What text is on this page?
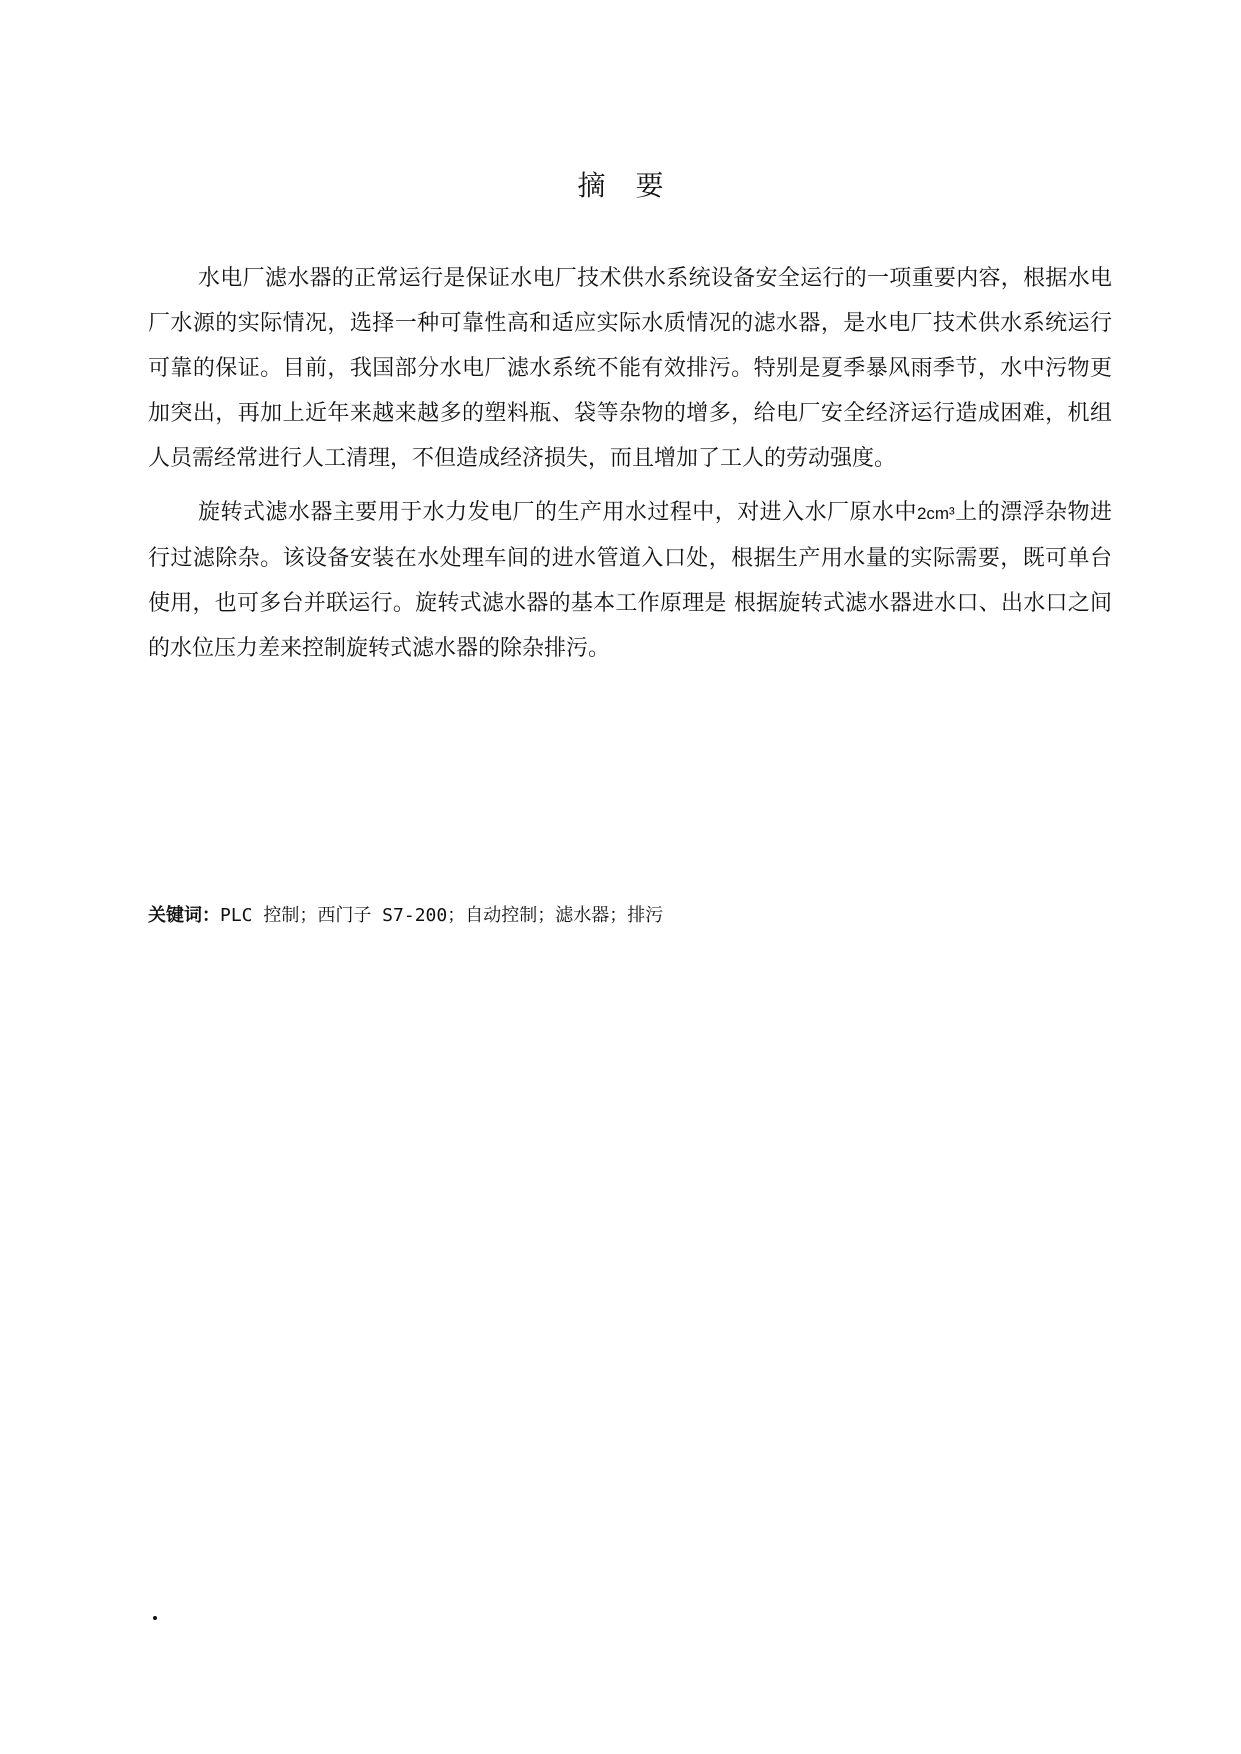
摘要

水电厂滤水器的正常运行是保证水电厂技术供水系统设备安全运行的一项重要内容，根据水电厂水源的实际情况，选择一种可靠性高和适应实际水质情况的滤水器，是水电厂技术供水系统运行可靠的保证。目前，我国部分水电厂滤水系统不能有效排污。特别是夏季暴风雨季节，水中污物更加突出，再加上近年来越来越多的塑料瓶、袋等杂物的增多，给电厂安全经济运行造成困难，机组人员需经常进行人工清理，不但造成经济损失，而且增加了工人的劳动强度。

旋转式滤水器主要用于水力发电厂的生产用水过程中，对进入水厂原水中2cm³上的漂浮杂物进行过滤除杂。该设备安装在水处理车间的进水管道入口处，根据生产用水量的实际需要，既可单台使用，也可多台并联运行。旋转式滤水器的基本工作原理是 根据旋转式滤水器进水口、出水口之间的水位压力差来控制旋转式滤水器的除杂排污。

关键词：PLC 控制；西门子 S7-200；自动控制；滤水器；排污
